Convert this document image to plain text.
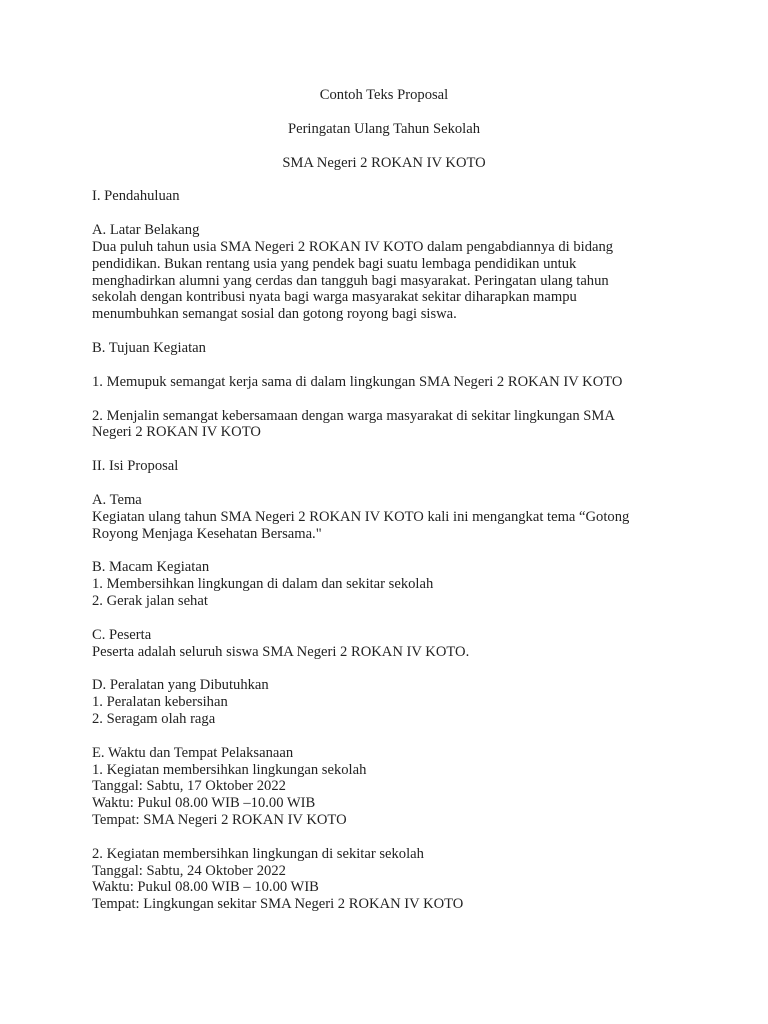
Contoh Teks Proposal
Peringatan Ulang Tahun Sekolah
SMA Negeri 2 ROKAN IV KOTO
I. Pendahuluan
A. Latar Belakang
Dua puluh tahun usia SMA Negeri 2 ROKAN IV KOTO dalam pengabdiannya di bidang
pendidikan. Bukan rentang usia yang pendek bagi suatu lembaga pendidikan untuk
menghadirkan alumni yang cerdas dan tangguh bagi masyarakat. Peringatan ulang tahun
sekolah dengan kontribusi nyata bagi warga masyarakat sekitar diharapkan mampu
menumbuhkan semangat sosial dan gotong royong bagi siswa.
B. Tujuan Kegiatan
1. Memupuk semangat kerja sama di dalam lingkungan SMA Negeri 2 ROKAN IV KOTO
2. Menjalin semangat kebersamaan dengan warga masyarakat di sekitar lingkungan SMA
Negeri 2 ROKAN IV KOTO
II. Isi Proposal
A. Tema
Kegiatan ulang tahun SMA Negeri 2 ROKAN IV KOTO kali ini mengangkat tema “Gotong
Royong Menjaga Kesehatan Bersama."
B. Macam Kegiatan
1. Membersihkan lingkungan di dalam dan sekitar sekolah
2. Gerak jalan sehat
C. Peserta
Peserta adalah seluruh siswa SMA Negeri 2 ROKAN IV KOTO.
D. Peralatan yang Dibutuhkan
1. Peralatan kebersihan
2. Seragam olah raga
E. Waktu dan Tempat Pelaksanaan
1. Kegiatan membersihkan lingkungan sekolah
Tanggal: Sabtu, 17 Oktober 2022
Waktu: Pukul 08.00 WIB –10.00 WIB
Tempat: SMA Negeri 2 ROKAN IV KOTO
2. Kegiatan membersihkan lingkungan di sekitar sekolah
Tanggal: Sabtu, 24 Oktober 2022
Waktu: Pukul 08.00 WIB – 10.00 WIB
Tempat: Lingkungan sekitar SMA Negeri 2 ROKAN IV KOTO
